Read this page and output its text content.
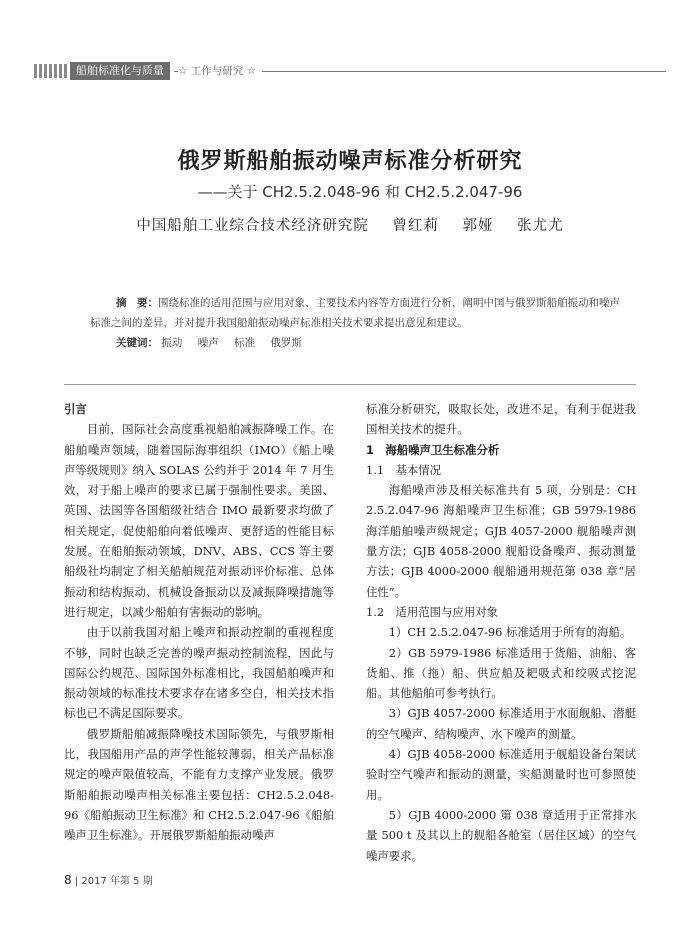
船舶标准化与质量	☆ 工作与研究 ☆
俄罗斯船舶振动噪声标准分析研究
——关于 CH2.5.2.048-96 和 CH2.5.2.047-96
中国船舶工业综合技术经济研究院 曾红莉 郭娅 张尤尤
摘　要：围绕标准的适用范围与应用对象、主要技术内容等方面进行分析，阐明中国与俄罗斯船舶振动和噪声标准之间的差异，并对提升我国船舶振动噪声标准相关技术要求提出意见和建议。
关键词： 振动 噪声 标准 俄罗斯
引言

目前，国际社会高度重视船舶减振降噪工作。在船舶噪声领域，随着国际海事组织（IMO）《船上噪声等级规则》纳入 SOLAS 公约并于 2014 年 7 月生效，对于船上噪声的要求已属于强制性要求。美国、英国、法国等各国船级社结合 IMO 最新要求均做了相关规定，促使船舶向着低噪声、更舒适的性能目标发展。在船舶振动领域，DNV、ABS、CCS 等主要船级社均制定了相关船舶规范对振动评价标准、总体振动和结构振动、机械设备振动以及减振降噪措施等进行规定，以减少船舶有害振动的影响。

由于以前我国对船上噪声和振动控制的重视程度不够，同时也缺乏完善的噪声振动控制流程，因此与国际公约规范、国际国外标准相比，我国船舶噪声和振动领域的标准技术要求存在诸多空白，相关技术指标也已不满足国际要求。

俄罗斯船舶减振降噪技术国际领先，与俄罗斯相比，我国船用产品的声学性能较薄弱，相关产品标准规定的噪声限值较高，不能有力支撑产业发展。俄罗斯船舶振动噪声相关标准主要包括：CH2.5.2.048-96《船舶振动卫生标准》和 CH2.5.2.047-96《船舶噪声卫生标准》。开展俄罗斯船舶振动噪声

标准分析研究，吸取长处，改进不足，有利于促进我国相关技术的提升。

1　海船噪声卫生标准分析
1.1　基本情况

海船噪声涉及相关标准共有 5 项，分别是：CH 2.5.2.047-96 海船噪声卫生标准；GB 5979-1986 海洋船舶噪声级规定；GJB 4057-2000 舰船噪声测量方法；GJB 4058-2000 舰船设备噪声、振动测量方法；GJB 4000-2000 舰船通用规范第 038 章“居住性”。

1.2　适用范围与应用对象

1）CH 2.5.2.047-96 标准适用于所有的海船。

2）GB 5979-1986 标准适用于货船、油船、客货船、推（拖）船、供应船及耙吸式和绞吸式挖泥船。其他船舶可参考执行。

3）GJB 4057-2000 标准适用于水面舰船、潜艇的空气噪声、结构噪声、水下噪声的测量。

4）GJB 4058-2000 标准适用于舰船设备台架试验时空气噪声和振动的测量，实船测量时也可参照使用。

5）GJB 4000-2000 第 038 章适用于正常排水量 500 t 及其以上的舰船各舱室（居住区域）的空气噪声要求。

8 | 2017 年第 5 期
